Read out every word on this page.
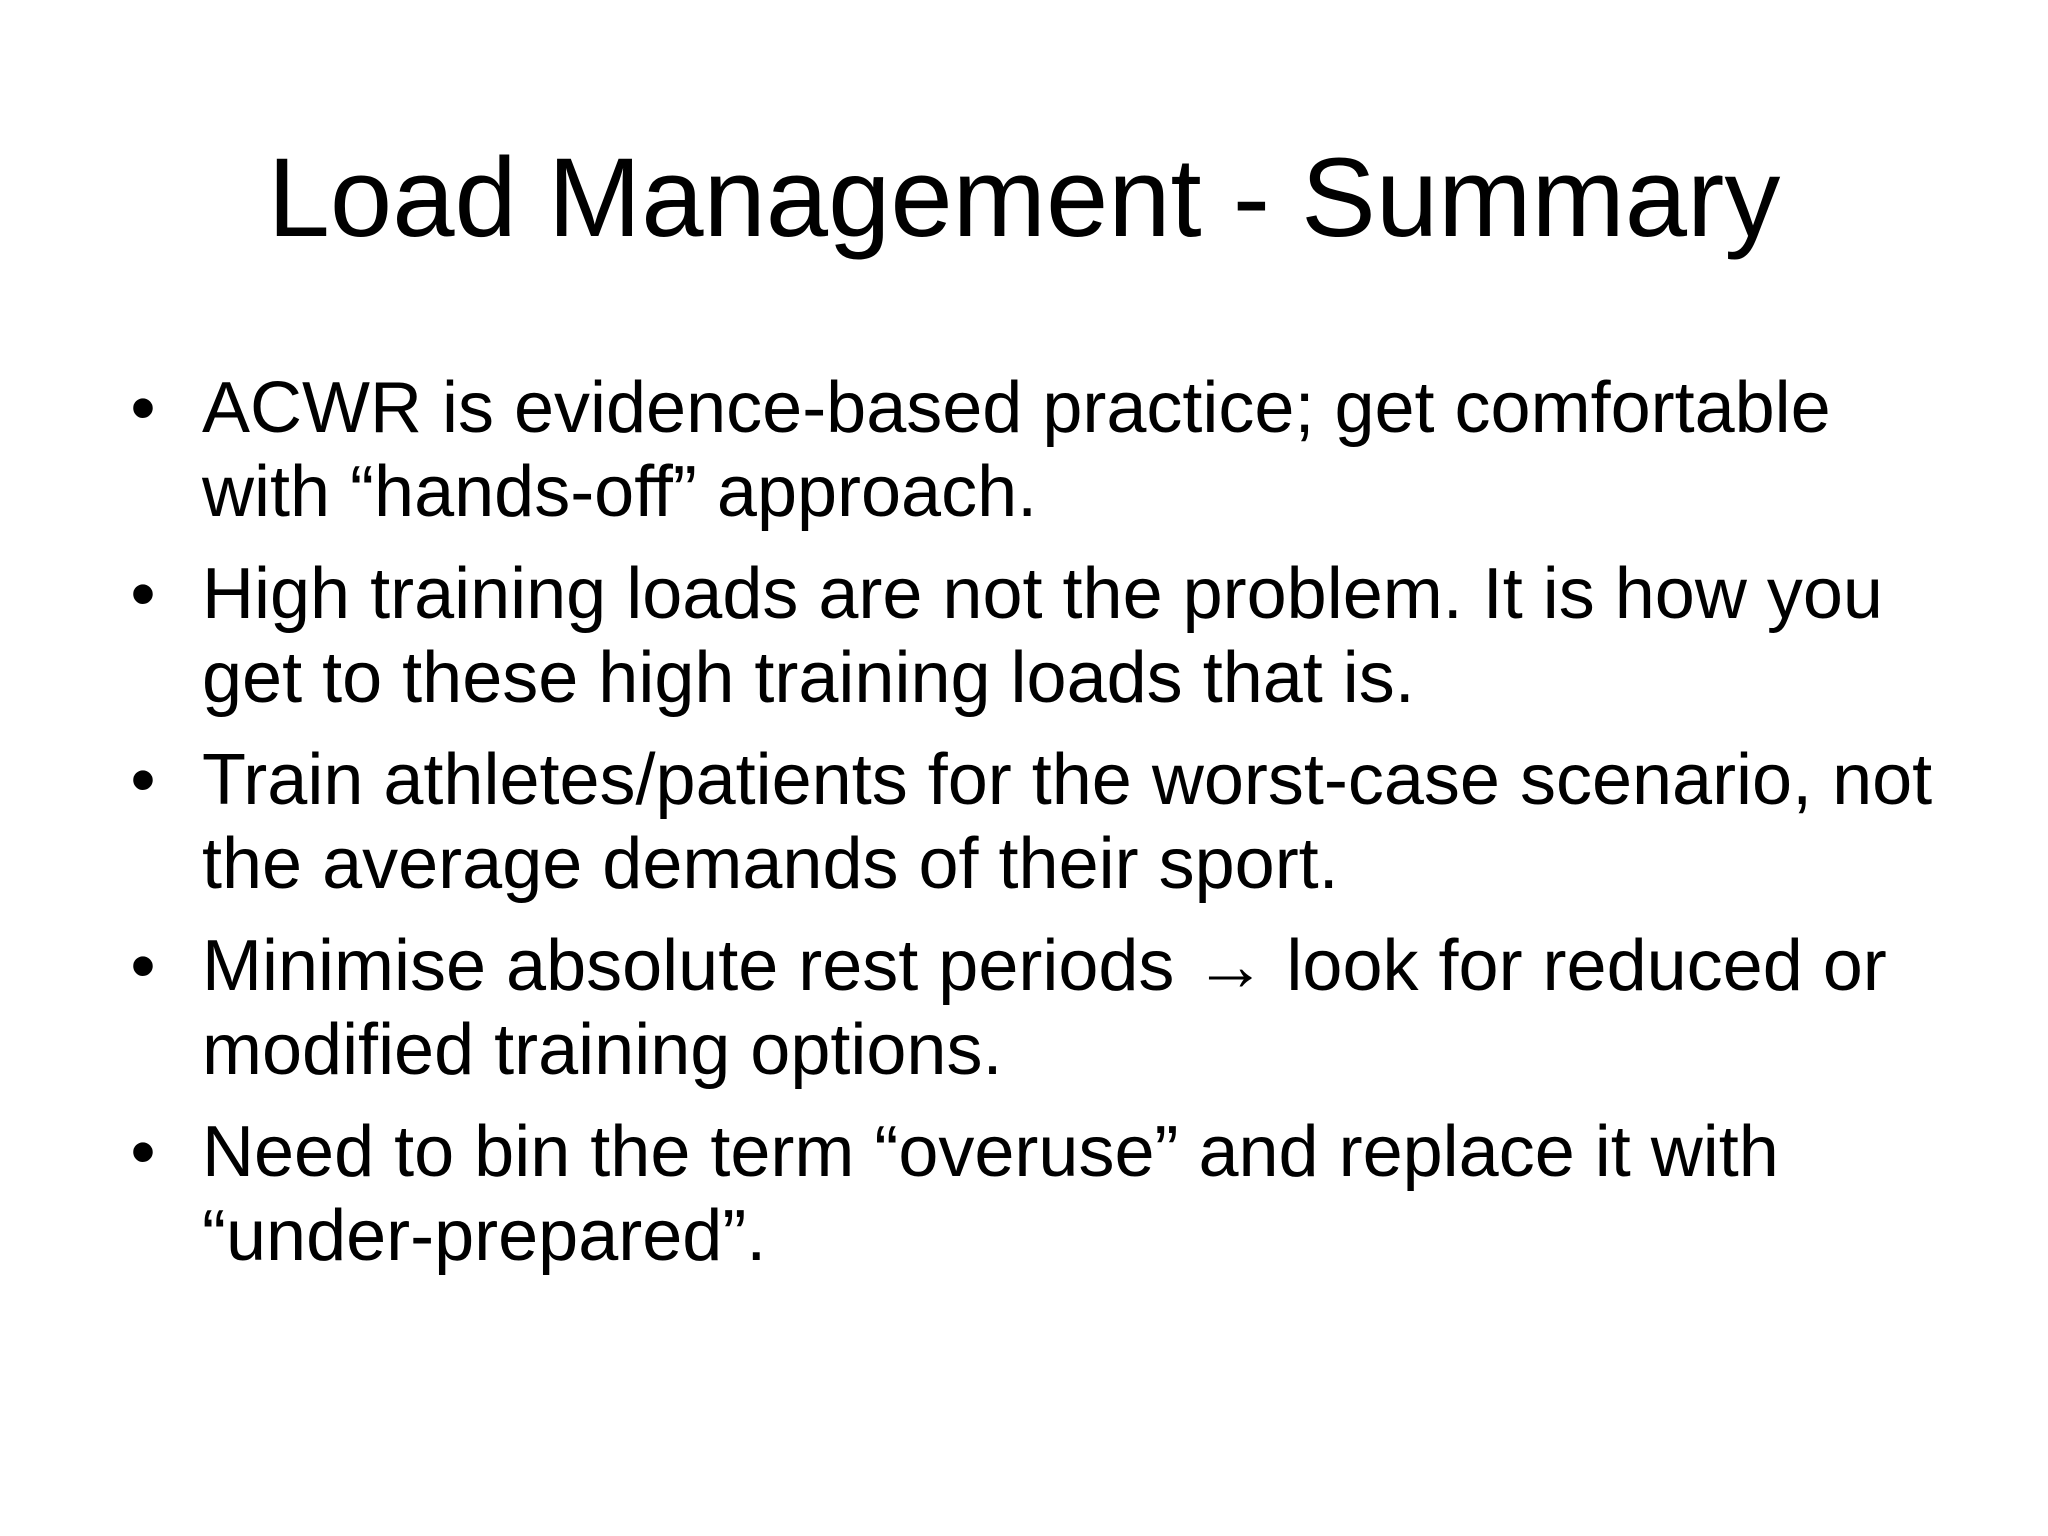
Load Management - Summary
• ACWR is evidence-based practice; get comfortable with “hands-off” approach.
• High training loads are not the problem. It is how you get to these high training loads that is.
• Train athletes/patients for the worst-case scenario, not the average demands of their sport.
• Minimise absolute rest periods → look for reduced or modified training options.
• Need to bin the term “overuse” and replace it with “under-prepared”.
